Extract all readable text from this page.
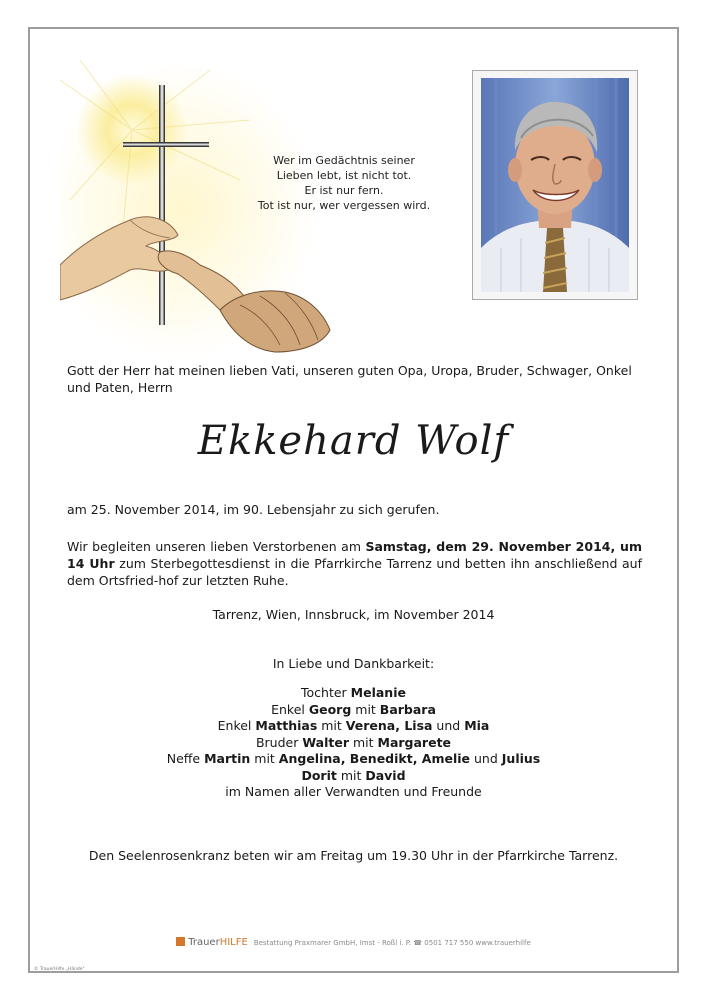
Wer im Gedächtnis seiner
Lieben lebt, ist nicht tot.
Er ist nur fern.
Tot ist nur, wer vergessen wird.
Gott der Herr hat meinen lieben Vati, unseren guten Opa, Uropa, Bruder, Schwager, Onkel und Paten, Herrn
Ekkehard Wolf
am 25. November 2014, im 90. Lebensjahr zu sich gerufen.
Wir begleiten unseren lieben Verstorbenen am Samstag, dem 29. November 2014, um 14 Uhr zum Sterbegottesdienst in die Pfarrkirche Tarrenz und betten ihn anschließend auf dem Ortsfried-hof zur letzten Ruhe.
Tarrenz, Wien, Innsbruck, im November 2014
In Liebe und Dankbarkeit:
Tochter Melanie
Enkel Georg mit Barbara
Enkel Matthias mit Verena, Lisa und Mia
Bruder Walter mit Margarete
Neffe Martin mit Angelina, Benedikt, Amelie und Julius
Dorit mit David
im Namen aller Verwandten und Freunde
Den Seelenrosenkranz beten wir am Freitag um 19.30 Uhr in der Pfarrkirche Tarrenz.
TrauerHILFE Bestattung Praxmarer GmbH, Imst - Roßl i. P. ☎ 0501 717 550 www.trauerhilfe
© TrauerHilfe „Hände"
